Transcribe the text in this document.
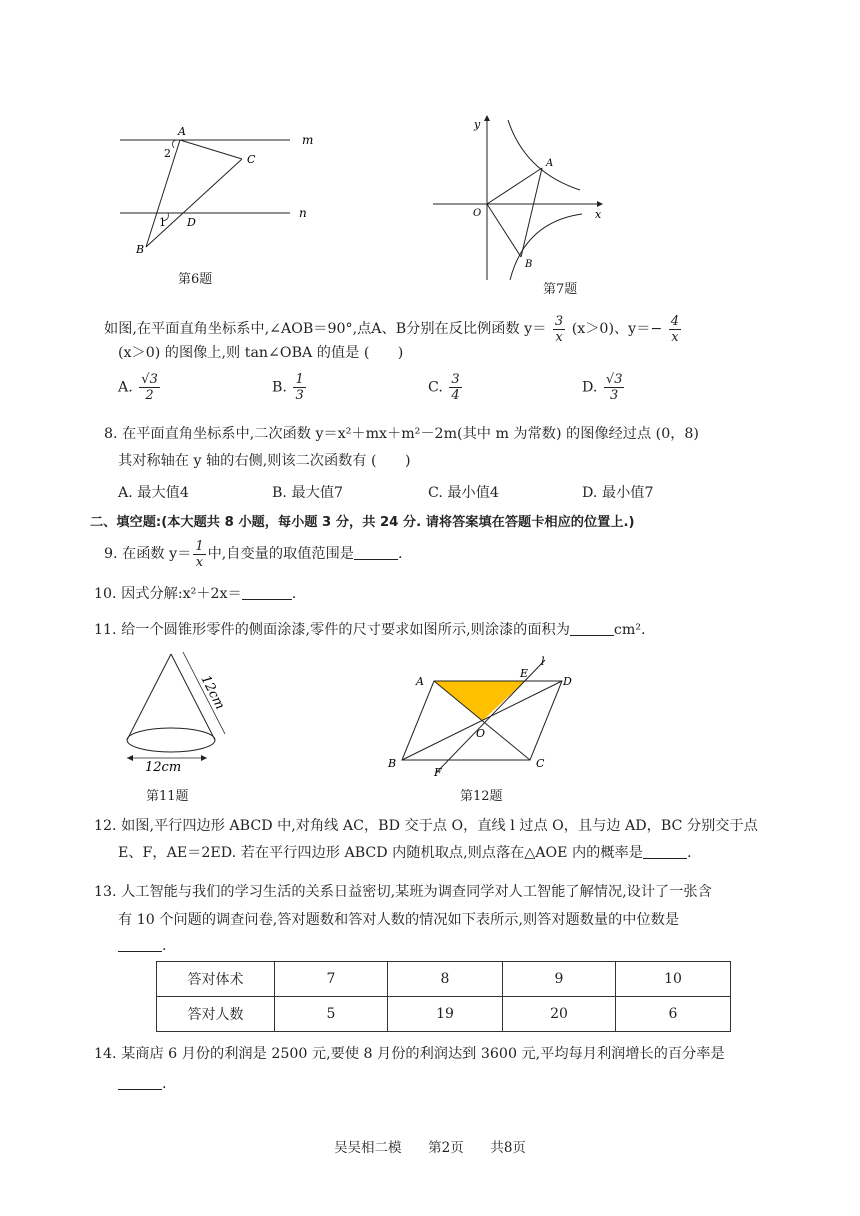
A
2	C
1 D
B
m
n
第6题
y
A
O	x
B
第7题
如图,在平面直角坐标系中,∠AOB＝90°,点A、B分别在反比例函数 $y= \frac{3}{x} (x>0)$、$y=- \frac{4}{x}$
(x＞0) 的图像上,则 tan∠OBA 的值是 (　　)
A. $\frac{√3}{2}$	B. $\frac{1}{3}$	C. $\frac{3}{4}$	D. $\frac{√3}{3}$
8. 在平面直角坐标系中,二次函数 y＝x²＋mx＋m²－2m(其中 m 为常数) 的图像经过点 (0，8)
其对称轴在 y 轴的右侧,则该二次函数有 (　　)
A. 最大值4	B. 最大值7	C. 最小值4	D. 最小值7
二、填空题:(本大题共 8 小题，每小题 3 分，共 24 分. 请将答案填在答题卡相应的位置上.)
9. 在函数 $y= \frac{1}{x}$ 中,自变量的取值范围是	.
10. 因式分解:x²＋2x＝	.
11. 给一个圆锥形零件的侧面涂漆,零件的尺寸要求如图所示,则涂漆的面积为	cm².
12cm
12cm
第11题
A
E
l
D
O
B
F
C
第12题
12. 如图,平行四边形 ABCD 中,对角线 AC，BD 交于点 O，直线 l 过点 O，且与边 AD，BC 分别交于点
E、F，AE＝2ED. 若在平行四边形 ABCD 内随机取点,则点落在△AOE 内的概率是	.
13. 人工智能与我们的学习生活的关系日益密切,某班为调查同学对人工智能了解情况,设计了一张含
有 10 个问题的调查问卷,答对题数和答对人数的情况如下表所示,则答对题数量的中位数是
.
答对体术	7	8	9	10
答对人数	5	19	20	6
14. 某商店 6 月份的利润是 2500 元,要使 8 月份的利润达到 3600 元,平均每月利润增长的百分率是
.
吴吴相二模 第2页 共8页
